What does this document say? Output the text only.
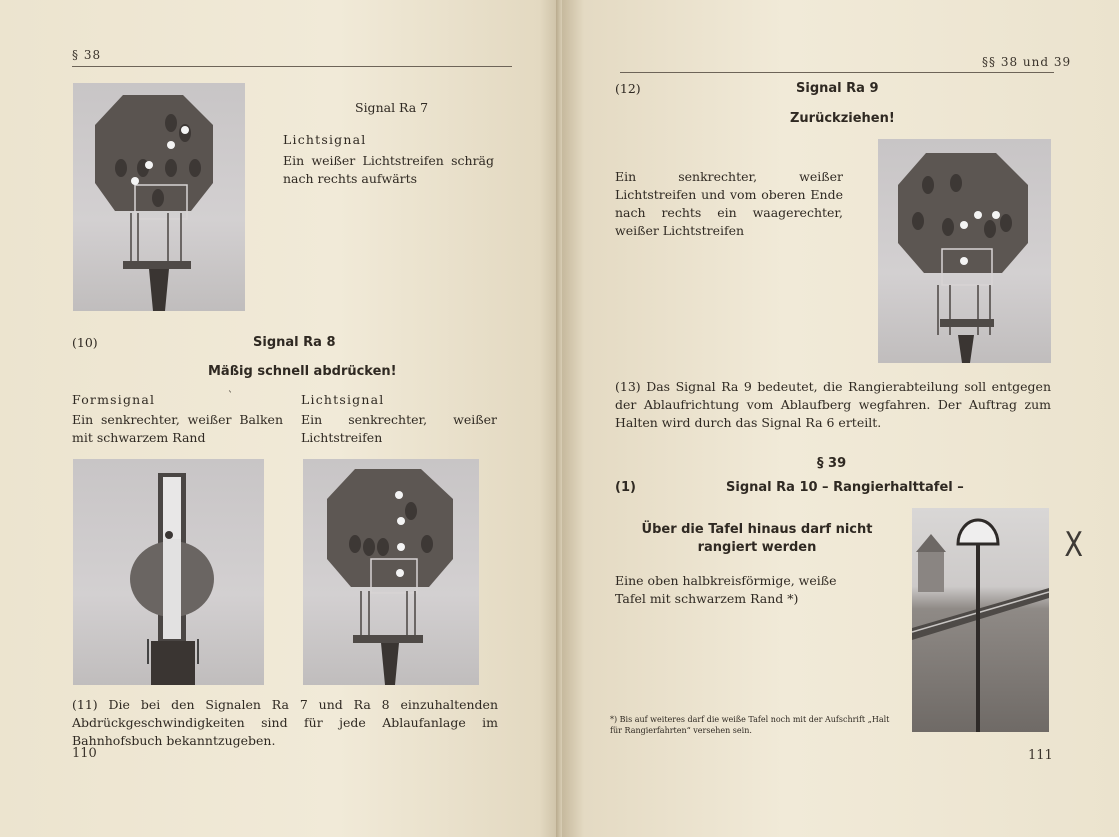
§ 38
Signal Ra 7
Lichtsignal
Ein weißer Lichtstreifen schräg nach rechts aufwärts
(10)	Signal Ra 8
Mäßig schnell abdrücken!
Formsignal	`	Lichtsignal
Ein senkrechter, weißer Balken mit schwarzem Rand
Ein senkrechter, weißer Lichtstreifen
(11) Die bei den Signalen Ra 7 und Ra 8 einzuhaltenden Abdrückgeschwindigkeiten sind für jede Ablaufanlage im Bahnhofsbuch bekanntzugeben.
110
§§ 38 und 39
(12)	Signal Ra 9
Zurückziehen!
Ein senkrechter, weißer Lichtstreifen und vom oberen Ende nach rechts ein waagerechter, weißer Lichtstreifen
(13) Das Signal Ra 9 bedeutet, die Rangierabteilung soll entgegen der Ablaufrichtung vom Ablaufberg wegfahren. Der Auftrag zum Halten wird durch das Signal Ra 6 erteilt.
§ 39
(1)	Signal Ra 10 – Rangierhalttafel –
Über die Tafel hinaus darf nicht rangiert werden
Eine oben halbkreisförmige, weiße Tafel mit schwarzem Rand *)
X
*) Bis auf weiteres darf die weiße Tafel noch mit der Aufschrift „Halt für Rangierfahrten“ versehen sein.
111
